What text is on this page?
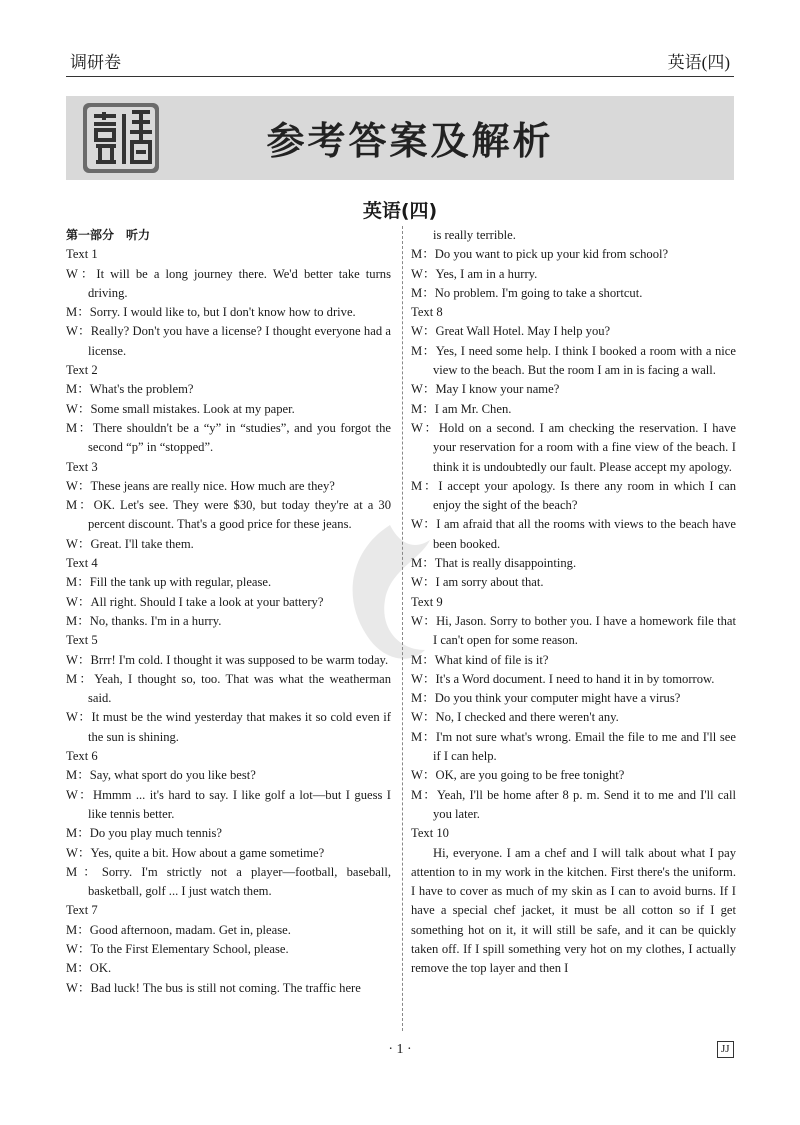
调研卷	英语(四)
参考答案及解析
英语(四)
第一部分　听力
Text 1
W：It will be a long journey there. We'd better take turns driving.
M：Sorry. I would like to, but I don't know how to drive.
W：Really? Don't you have a license? I thought everyone had a license.
Text 2
M：What's the problem?
W：Some small mistakes. Look at my paper.
M：There shouldn't be a “y” in “studies”, and you forgot the second “p” in “stopped”.
Text 3
W：These jeans are really nice. How much are they?
M：OK. Let's see. They were $30, but today they're at a 30 percent discount. That's a good price for these jeans.
W：Great. I'll take them.
Text 4
M：Fill the tank up with regular, please.
W：All right. Should I take a look at your battery?
M：No, thanks. I'm in a hurry.
Text 5
W：Brrr! I'm cold. I thought it was supposed to be warm today.
M：Yeah, I thought so, too. That was what the weatherman said.
W：It must be the wind yesterday that makes it so cold even if the sun is shining.
Text 6
M：Say, what sport do you like best?
W：Hmmm ... it's hard to say. I like golf a lot—but I guess I like tennis better.
M：Do you play much tennis?
W：Yes, quite a bit. How about a game sometime?
M：Sorry. I'm strictly not a player—football, baseball, basketball, golf ... I just watch them.
Text 7
M：Good afternoon, madam. Get in, please.
W：To the First Elementary School, please.
M：OK.
W：Bad luck! The bus is still not coming. The traffic here
is really terrible.
M：Do you want to pick up your kid from school?
W：Yes, I am in a hurry.
M：No problem. I'm going to take a shortcut.
Text 8
W：Great Wall Hotel. May I help you?
M：Yes, I need some help. I think I booked a room with a nice view to the beach. But the room I am in is facing a wall.
W：May I know your name?
M：I am Mr. Chen.
W：Hold on a second. I am checking the reservation. I have your reservation for a room with a fine view of the beach. I think it is undoubtedly our fault. Please accept my apology.
M：I accept your apology. Is there any room in which I can enjoy the sight of the beach?
W：I am afraid that all the rooms with views to the beach have been booked.
M：That is really disappointing.
W：I am sorry about that.
Text 9
W：Hi, Jason. Sorry to bother you. I have a homework file that I can't open for some reason.
M：What kind of file is it?
W：It's a Word document. I need to hand it in by tomorrow.
M：Do you think your computer might have a virus?
W：No, I checked and there weren't any.
M：I'm not sure what's wrong. Email the file to me and I'll see if I can help.
W：OK, are you going to be free tonight?
M：Yeah, I'll be home after 8 p. m. Send it to me and I'll call you later.
Text 10
Hi, everyone. I am a chef and I will talk about what I pay attention to in my work in the kitchen. First there's the uniform. I have to cover as much of my skin as I can to avoid burns. If I have a special chef jacket, it must be all cotton so if I get something hot on it, it will still be safe, and it can be quickly taken off. If I spill something very hot on my clothes, I actually remove the top layer and then I
· 1 ·	JJ
